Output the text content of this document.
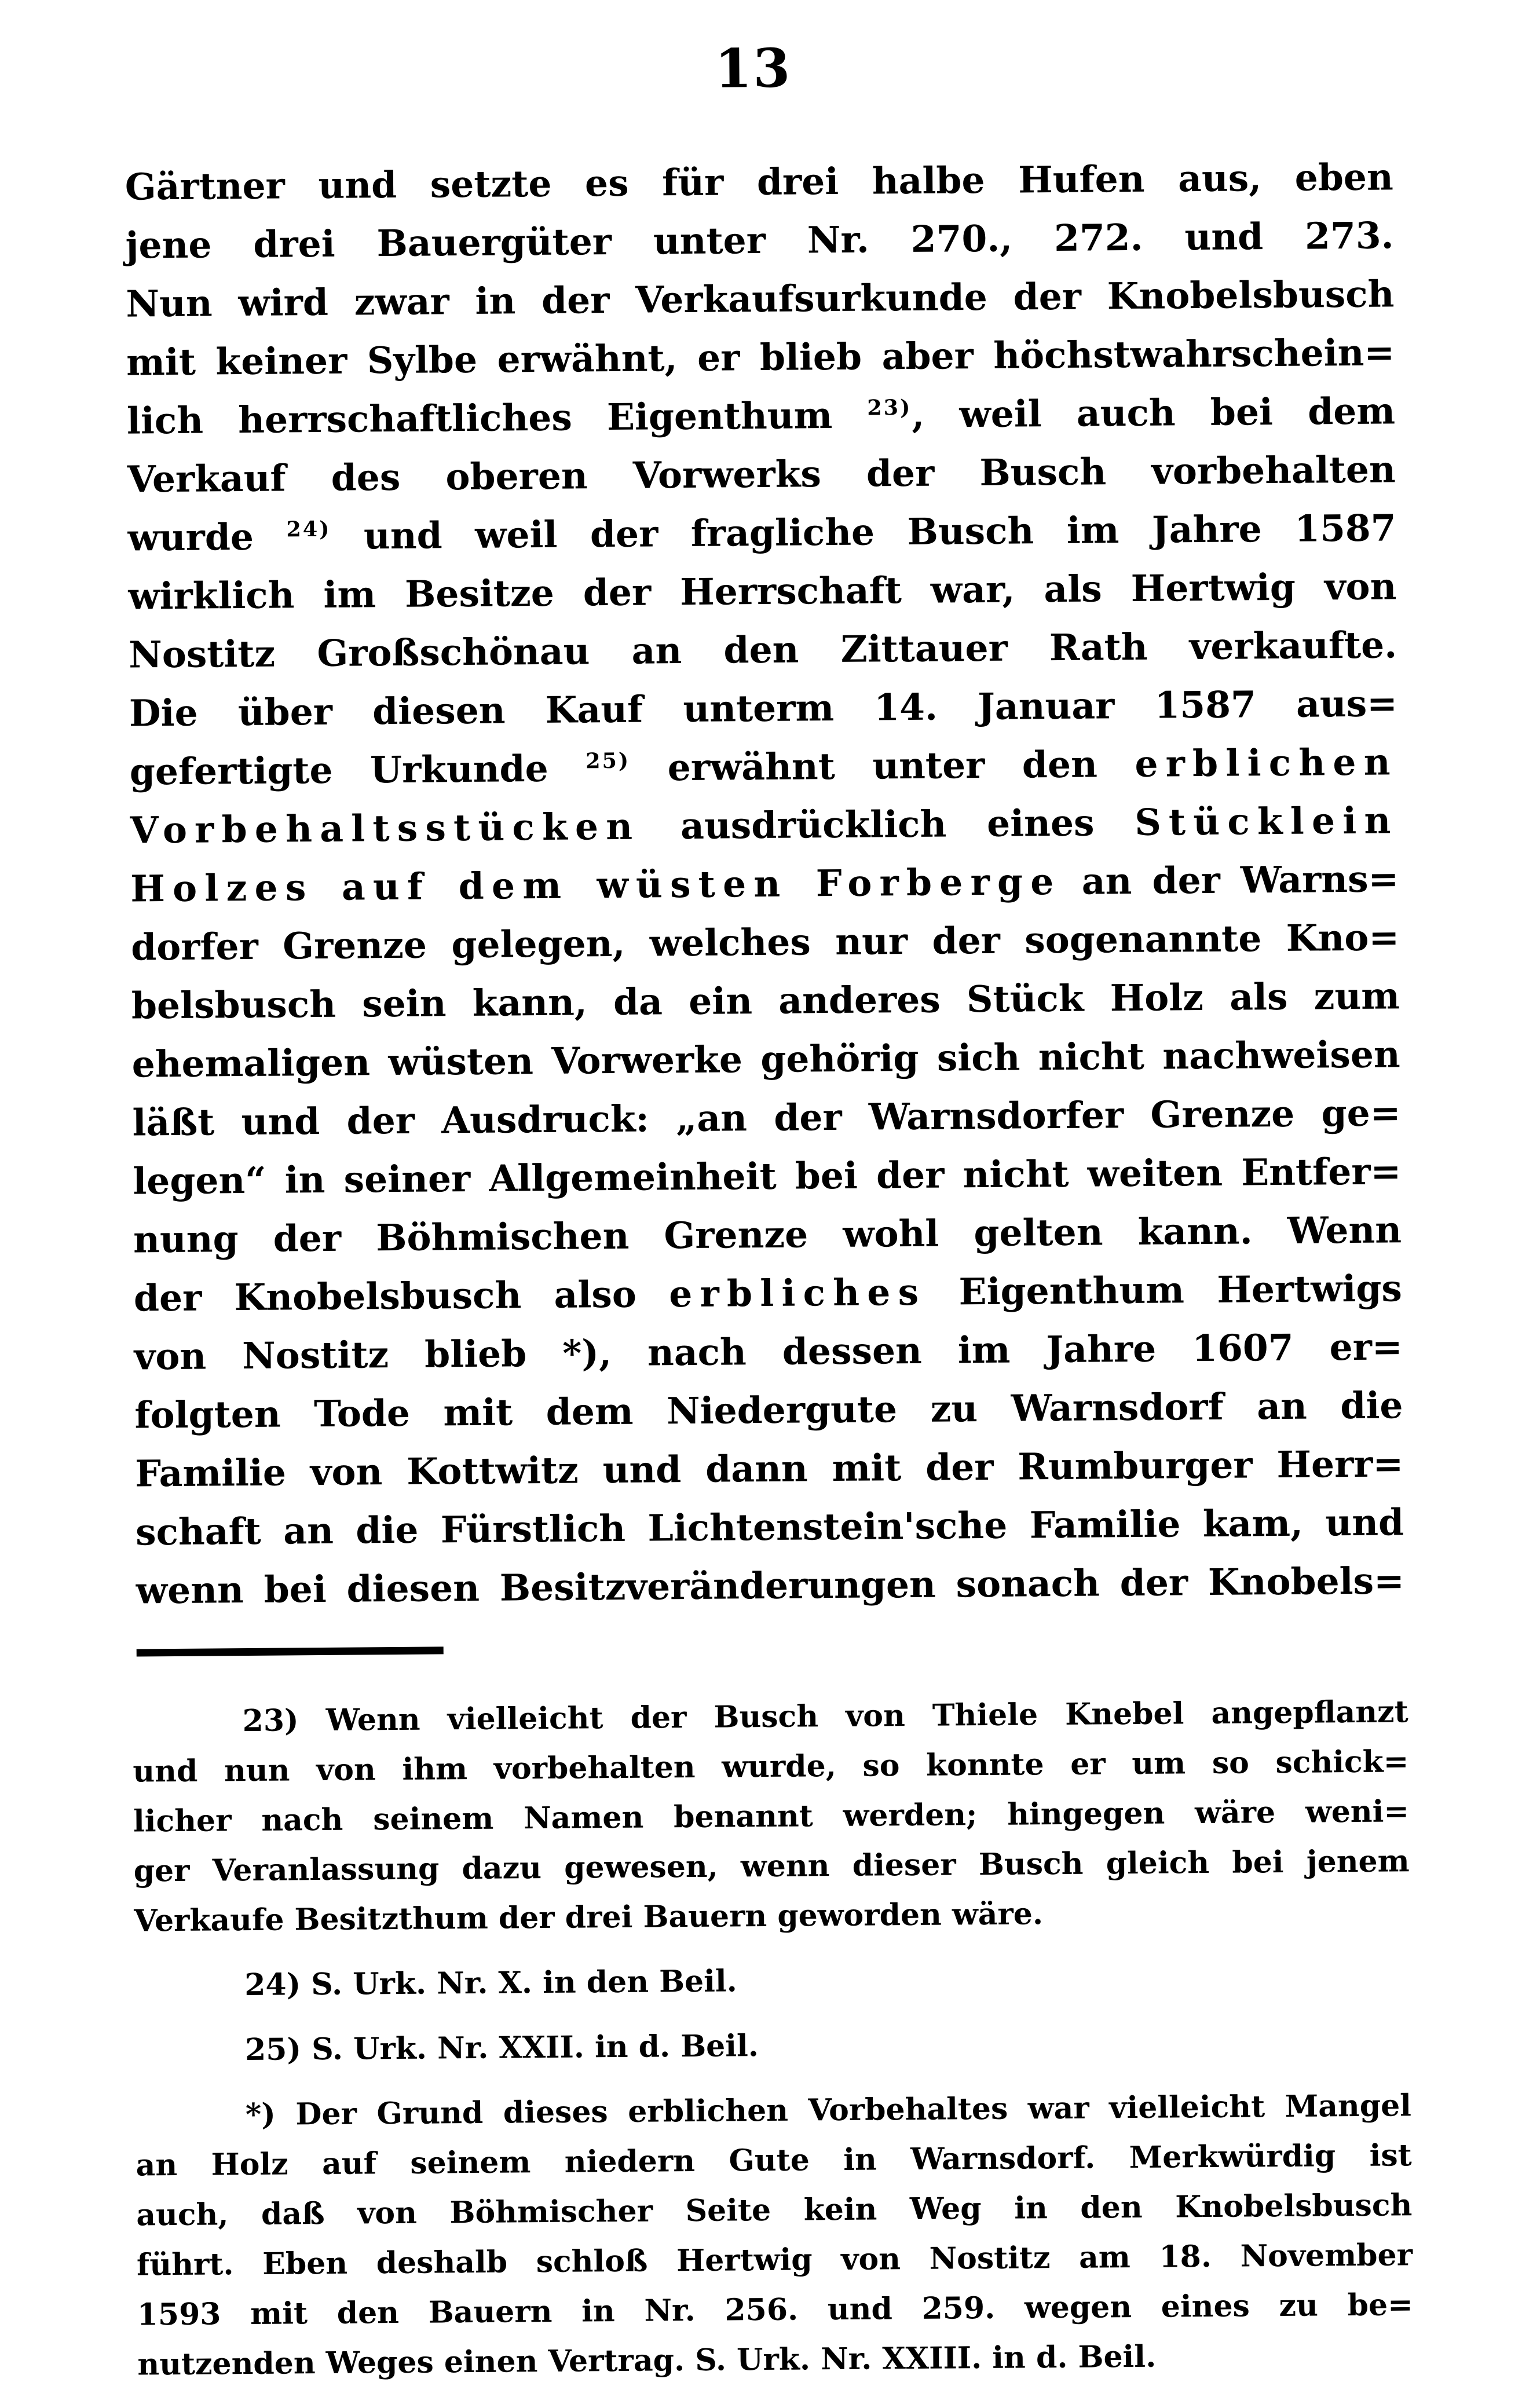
13
Gärtner und setzte es für drei halbe Hufen aus, eben
jene drei Bauergüter unter Nr. 270., 272. und 273.
Nun wird zwar in der Verkaufsurkunde der Knobelsbusch
mit keiner Sylbe erwähnt, er blieb aber höchstwahrschein=
lich herrschaftliches Eigenthum $^{23)}$, weil auch bei dem
Verkauf des oberen Vorwerks der Busch vorbehalten
wurde $^{24)}$ und weil der fragliche Busch im Jahre 1587
wirklich im Besitze der Herrschaft war, als Hertwig von
Nostitz Großschönau an den Zittauer Rath verkaufte.
Die über diesen Kauf unterm 14. Januar 1587 aus=
gefertigte Urkunde $^{25)}$ erwähnt unter den erblichen
Vorbehaltsstücken ausdrücklich eines Stücklein
Holzes auf dem wüsten Forberge an der Warns=
dorfer Grenze gelegen, welches nur der sogenannte Kno=
belsbusch sein kann, da ein anderes Stück Holz als zum
ehemaligen wüsten Vorwerke gehörig sich nicht nachweisen
läßt und der Ausdruck: „an der Warnsdorfer Grenze ge=
legen“ in seiner Allgemeinheit bei der nicht weiten Entfer=
nung der Böhmischen Grenze wohl gelten kann. Wenn
der Knobelsbusch also erbliches Eigenthum Hertwigs
von Nostitz blieb *), nach dessen im Jahre 1607 er=
folgten Tode mit dem Niedergute zu Warnsdorf an die
Familie von Kottwitz und dann mit der Rumburger Herr=
schaft an die Fürstlich Lichtenstein'sche Familie kam, und
wenn bei diesen Besitzveränderungen sonach der Knobels=
23) Wenn vielleicht der Busch von Thiele Knebel angepflanzt
und nun von ihm vorbehalten wurde, so konnte er um so schick=
licher nach seinem Namen benannt werden; hingegen wäre weni=
ger Veranlassung dazu gewesen, wenn dieser Busch gleich bei jenem
Verkaufe Besitzthum der drei Bauern geworden wäre.
24) S. Urk. Nr. X. in den Beil.
25) S. Urk. Nr. XXII. in d. Beil.
*) Der Grund dieses erblichen Vorbehaltes war vielleicht Mangel
an Holz auf seinem niedern Gute in Warnsdorf. Merkwürdig ist
auch, daß von Böhmischer Seite kein Weg in den Knobelsbusch
führt. Eben deshalb schloß Hertwig von Nostitz am 18. November
1593 mit den Bauern in Nr. 256. und 259. wegen eines zu be=
nutzenden Weges einen Vertrag. S. Urk. Nr. XXIII. in d. Beil.
